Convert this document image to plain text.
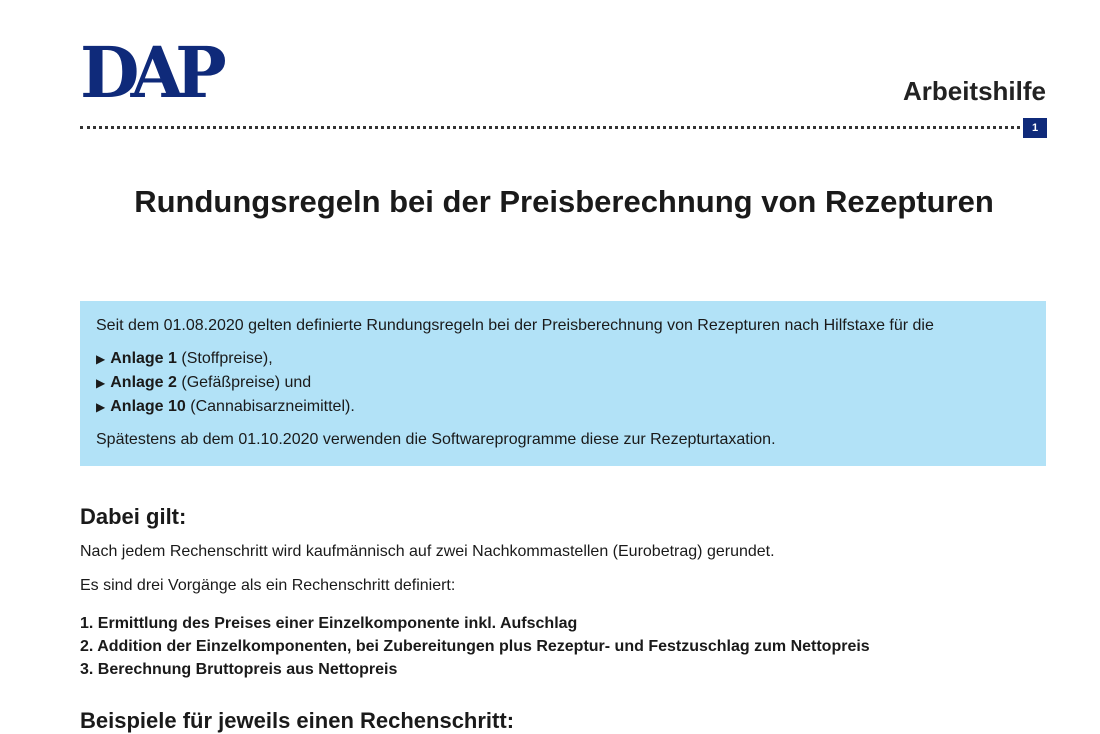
DAP	Arbeitshilfe
1
Rundungsregeln bei der Preisberechnung von Rezepturen

Seit dem 01.08.2020 gelten definierte Rundungsregeln bei der Preisberechnung von Rezepturen nach Hilfstaxe für die

▶ Anlage 1 (Stoffpreise),
▶ Anlage 2 (Gefäßpreise) und
▶ Anlage 10 (Cannabisarzneimittel).

Spätestens ab dem 01.10.2020 verwenden die Softwareprogramme diese zur Rezepturtaxation.

Dabei gilt:

Nach jedem Rechenschritt wird kaufmännisch auf zwei Nachkommastellen (Eurobetrag) gerundet.

Es sind drei Vorgänge als ein Rechenschritt definiert:

1. Ermittlung des Preises einer Einzelkomponente inkl. Aufschlag
2. Addition der Einzelkomponenten, bei Zubereitungen plus Rezeptur- und Festzuschlag zum Nettopreis
3. Berechnung Bruttopreis aus Nettopreis
Beispiele für jeweils einen Rechenschritt:
